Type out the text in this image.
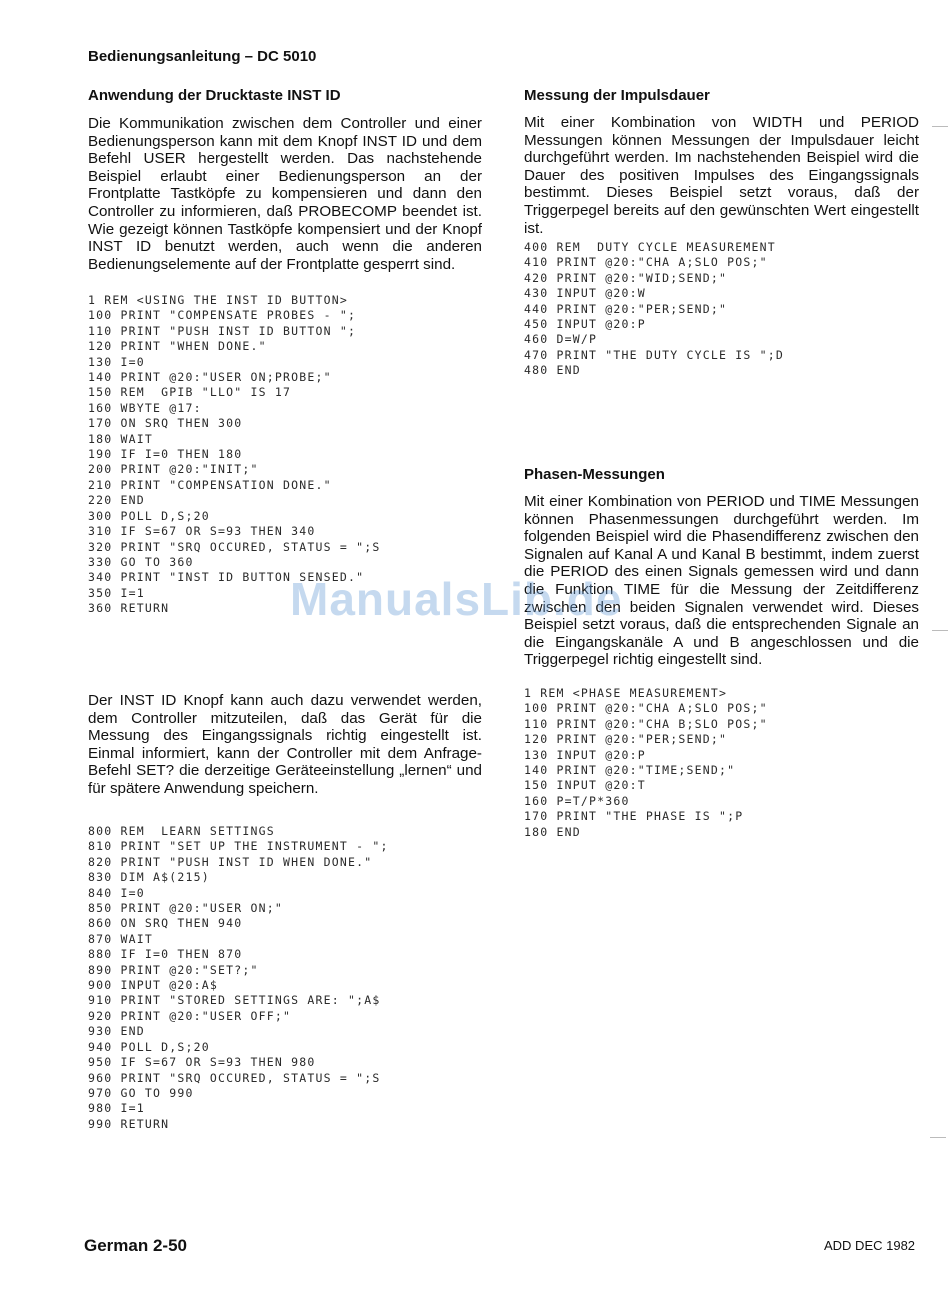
Bedienungsanleitung – DC 5010
Anwendung der Drucktaste INST ID
Die Kommunikation zwischen dem Controller und einer Bedienungsperson kann mit dem Knopf INST ID und dem Befehl USER hergestellt werden. Das nachstehende Beispiel erlaubt einer Bedienungsperson an der Frontplatte Tastköpfe zu kompensieren und dann den Controller zu informieren, daß PROBECOMP beendet ist. Wie gezeigt können Tastköpfe kompensiert und der Knopf INST ID benutzt werden, auch wenn die anderen Bedienungselemente auf der Frontplatte gesperrt sind.
1 REM <USING THE INST ID BUTTON>
100 PRINT "COMPENSATE PROBES - ";
110 PRINT "PUSH INST ID BUTTON ";
120 PRINT "WHEN DONE."
130 I=0
140 PRINT @20:"USER ON;PROBE;"
150 REM  GPIB "LLO" IS 17
160 WBYTE @17:
170 ON SRQ THEN 300
180 WAIT
190 IF I=0 THEN 180
200 PRINT @20:"INIT;"
210 PRINT "COMPENSATION DONE."
220 END
300 POLL D,S;20
310 IF S=67 OR S=93 THEN 340
320 PRINT "SRQ OCCURED, STATUS = ";S
330 GO TO 360
340 PRINT "INST ID BUTTON SENSED."
350 I=1
360 RETURN
Der INST ID Knopf kann auch dazu verwendet werden, dem Controller mitzuteilen, daß das Gerät für die Messung des Eingangssignals richtig eingestellt ist. Einmal informiert, kann der Controller mit dem Anfrage-Befehl SET? die derzeitige Geräteeinstellung „lernen“ und für spätere Anwendung speichern.
800 REM  LEARN SETTINGS
810 PRINT "SET UP THE INSTRUMENT - ";
820 PRINT "PUSH INST ID WHEN DONE."
830 DIM A$(215)
840 I=0
850 PRINT @20:"USER ON;"
860 ON SRQ THEN 940
870 WAIT
880 IF I=0 THEN 870
890 PRINT @20:"SET?;"
900 INPUT @20:A$
910 PRINT "STORED SETTINGS ARE: ";A$
920 PRINT @20:"USER OFF;"
930 END
940 POLL D,S;20
950 IF S=67 OR S=93 THEN 980
960 PRINT "SRQ OCCURED, STATUS = ";S
970 GO TO 990
980 I=1
990 RETURN
Messung der Impulsdauer
Mit einer Kombination von WIDTH und PERIOD Messungen können Messungen der Impulsdauer leicht durchgeführt werden. Im nachstehenden Beispiel wird die Dauer des positiven Impulses des Eingangssignals bestimmt. Dieses Beispiel setzt voraus, daß der Triggerpegel bereits auf den gewünschten Wert eingestellt ist.
400 REM  DUTY CYCLE MEASUREMENT
410 PRINT @20:"CHA A;SLO POS;"
420 PRINT @20:"WID;SEND;"
430 INPUT @20:W
440 PRINT @20:"PER;SEND;"
450 INPUT @20:P
460 D=W/P
470 PRINT "THE DUTY CYCLE IS ";D
480 END
Phasen-Messungen
Mit einer Kombination von PERIOD und TIME Messungen können Phasenmessungen durchgeführt werden. Im folgenden Beispiel wird die Phasendifferenz zwischen den Signalen auf Kanal A und Kanal B bestimmt, indem zuerst die PERIOD des einen Signals gemessen wird und dann die Funktion TIME für die Messung der Zeitdifferenz zwischen den beiden Signalen verwendet wird. Dieses Beispiel setzt voraus, daß die entsprechenden Signale an die Eingangskanäle A und B angeschlossen und die Triggerpegel richtig eingestellt sind.
1 REM <PHASE MEASUREMENT>
100 PRINT @20:"CHA A;SLO POS;"
110 PRINT @20:"CHA B;SLO POS;"
120 PRINT @20:"PER;SEND;"
130 INPUT @20:P
140 PRINT @20:"TIME;SEND;"
150 INPUT @20:T
160 P=T/P*360
170 PRINT "THE PHASE IS ";P
180 END
ManualsLib.de
German 2-50	ADD DEC 1982
